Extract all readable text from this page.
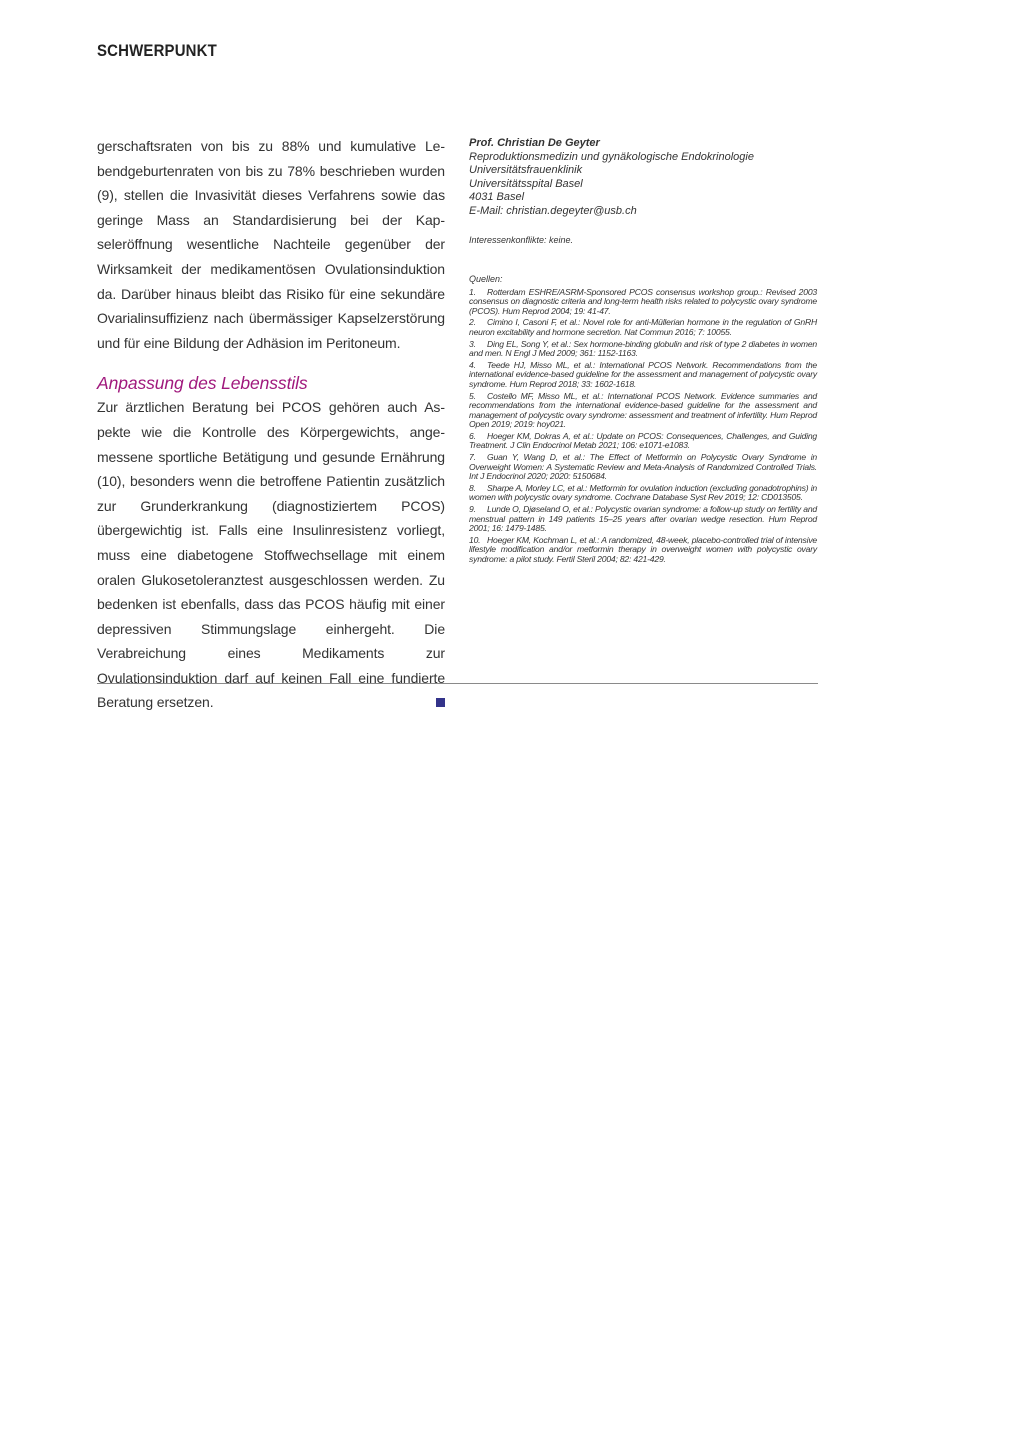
SCHWERPUNKT

gerschaftsraten von bis zu 88% und kumulative Lebendgeburtenraten von bis zu 78% beschrieben wurden (9), stellen die Invasivität dieses Verfahrens sowie das geringe Mass an Standardisierung bei der Kapseleröffnung wesentliche Nachteile gegenüber der Wirksamkeit der medikamentösen Ovulationsinduktion da. Darüber hinaus bleibt das Risiko für eine sekundäre Ovarialinsuffizienz nach übermässiger Kapselzerstörung und für eine Bildung der Adhäsion im Peritoneum.

Anpassung des Lebensstils

Zur ärztlichen Beratung bei PCOS gehören auch Aspekte wie die Kontrolle des Körpergewichts, angemessene sportliche Betätigung und gesunde Ernährung (10), besonders wenn die betroffene Patientin zusätzlich zur Grunderkrankung (diagnostiziertem PCOS) übergewichtig ist. Falls eine Insulinresistenz vorliegt, muss eine diabetogene Stoffwechsellage mit einem oralen Glukosetoleranztest ausgeschlossen werden. Zu bedenken ist ebenfalls, dass das PCOS häufig mit einer depressiven Stimmungslage einhergeht. Die Verabreichung eines Medikaments zur Ovulationsinduktion darf auf keinen Fall eine fundierte Beratung ersetzen.

Prof. Christian De Geyter
Reproduktionsmedizin und gynäkologische Endokrinologie
Universitätsfrauenklinik
Universitätsspital Basel
4031 Basel
E-Mail: christian.degeyter@usb.ch
Interessenkonflikte: keine.
Quellen:
1. Rotterdam ESHRE/ASRM-Sponsored PCOS consensus workshop group.: Revised 2003 consensus on diagnostic criteria and long-term health risks related to polycystic ovary syndrome (PCOS). Hum Reprod 2004; 19: 41-47.
2. Cimino I, Casoni F, et al.: Novel role for anti-Müllerian hormone in the regulation of GnRH neuron excitability and hormone secretion. Nat Commun 2016; 7: 10055.
3. Ding EL, Song Y, et al.: Sex hormone-binding globulin and risk of type 2 diabetes in women and men. N Engl J Med 2009; 361: 1152-1163.
4. Teede HJ, Misso ML, et al.: International PCOS Network. Recommendations from the international evidence-based guideline for the assessment and management of polycystic ovary syndrome. Hum Reprod 2018; 33: 1602-1618.
5. Costello MF, Misso ML, et al.: International PCOS Network. Evidence summaries and recommendations from the international evidence-based guideline for the assessment and management of polycystic ovary syndrome: assessment and treatment of infertility. Hum Reprod Open 2019; 2019: hoy021.
6. Hoeger KM, Dokras A, et al.: Update on PCOS: Consequences, Challenges, and Guiding Treatment. J Clin Endocrinol Metab 2021; 106: e1071-e1083.
7. Guan Y, Wang D, et al.: The Effect of Metformin on Polycystic Ovary Syndrome in Overweight Women: A Systematic Review and Meta-Analysis of Randomized Controlled Trials. Int J Endocrinol 2020; 2020: 5150684.
8. Sharpe A, Morley LC, et al.: Metformin for ovulation induction (excluding gonadotrophins) in women with polycystic ovary syndrome. Cochrane Database Syst Rev 2019; 12: CD013505.
9. Lunde O, Djøseland O, et al.: Polycystic ovarian syndrome: a follow-up study on fertility and menstrual pattern in 149 patients 15–25 years after ovarian wedge resection. Hum Reprod 2001; 16: 1479-1485.
10. Hoeger KM, Kochman L, et al.: A randomized, 48-week, placebo-controlled trial of intensive lifestyle modification and/or metformin therapy in overweight women with polycystic ovary syndrome: a pilot study. Fertil Steril 2004; 82: 421-429.
